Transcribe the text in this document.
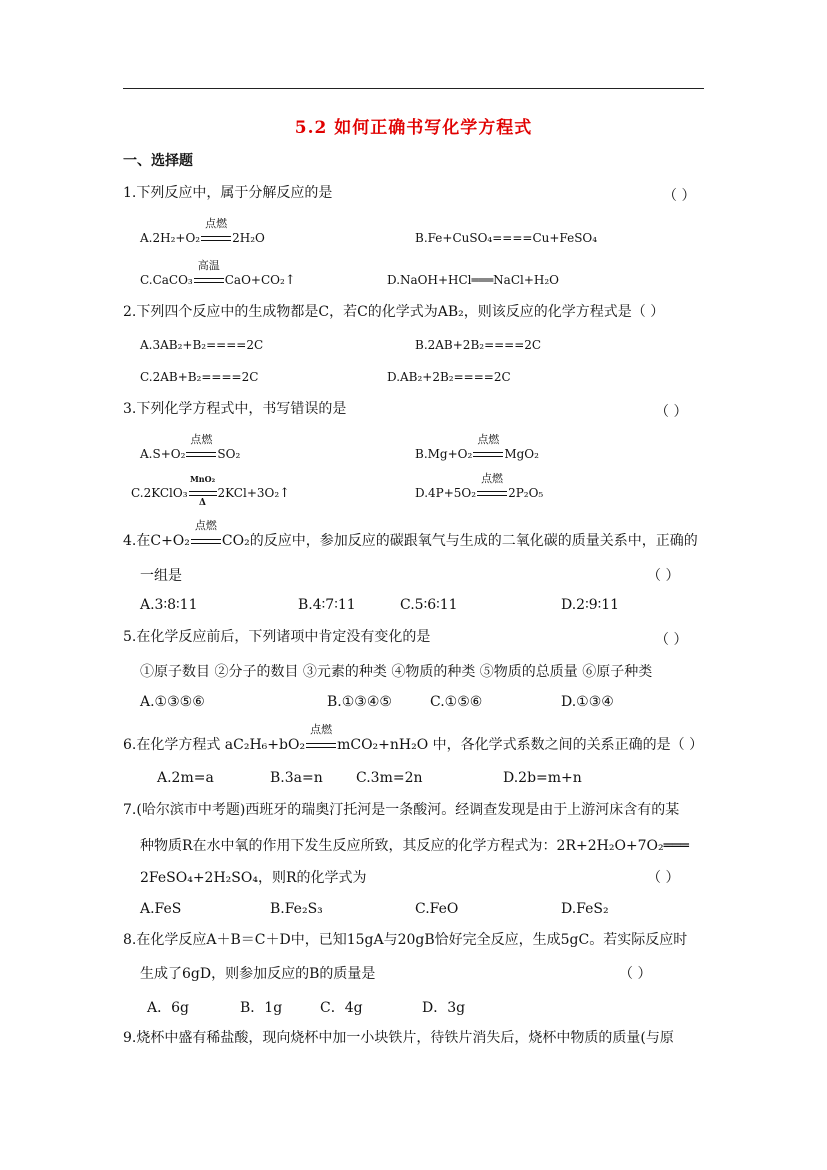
5.2 如何正确书写化学方程式
一、选择题
1.下列反应中，属于分解反应的是	（ ）
A.2H₂+O₂
点燃
2H₂O	B.Fe+CuSO₄====Cu+FeSO₄
C.CaCO₃
高温
CaO+CO₂↑	D.NaOH+HCl═══NaCl+H₂O
2.下列四个反应中的生成物都是C，若C的化学式为AB₂，则该反应的化学方程式是（ ）
A.3AB₂+B₂====2C	B.2AB+2B₂====2C
C.2AB+B₂====2C	D.AB₂+2B₂====2C
3.下列化学方程式中，书写错误的是	（ ）
A.S+O₂
点燃
SO₂	B.Mg+O₂
点燃
MgO₂
C.2KClO₃
MnO₂
Δ
2KCl+3O₂↑	D.4P+5O₂
点燃
2P₂O₅
4.在C+O₂
点燃
CO₂的反应中，参加反应的碳跟氧气与生成的二氧化碳的质量关系中，正确的
一组是	（ ）
A.3∶8∶11	B.4∶7∶11	C.5∶6∶11	D.2∶9∶11
5.在化学反应前后，下列诸项中肯定没有变化的是	（ ）
①原子数目 ②分子的数目 ③元素的种类 ④物质的种类 ⑤物质的总质量 ⑥原子种类
A.①③⑤⑥	B.①③④⑤	C.①⑤⑥	D.①③④
6.在化学方程式 aC₂H₆+bO₂
点燃
mCO₂+nH₂O 中，各化学式系数之间的关系正确的是（ ）
A.2m=a	B.3a=n C.3m=2n	D.2b=m+n
7.(哈尔滨市中考题)西班牙的瑞奥汀托河是一条酸河。经调查发现是由于上游河床含有的某
种物质R在水中氧的作用下发生反应所致，其反应的化学方程式为：2R+2H₂O+7O₂═══
2FeSO₄+2H₂SO₄，则R的化学式为	（ ）
A.FeS	B.Fe₂S₃	C.FeO	D.FeS₂
8.在化学反应A＋B＝C＋D中，已知15gA与20gB恰好完全反应，生成5gC。若实际反应时
生成了6gD，则参加反应的B的质量是	（ ）
A．6g	B．1g	C．4g	D．3g
9.烧杯中盛有稀盐酸，现向烧杯中加一小块铁片，待铁片消失后，烧杯中物质的质量(与原
